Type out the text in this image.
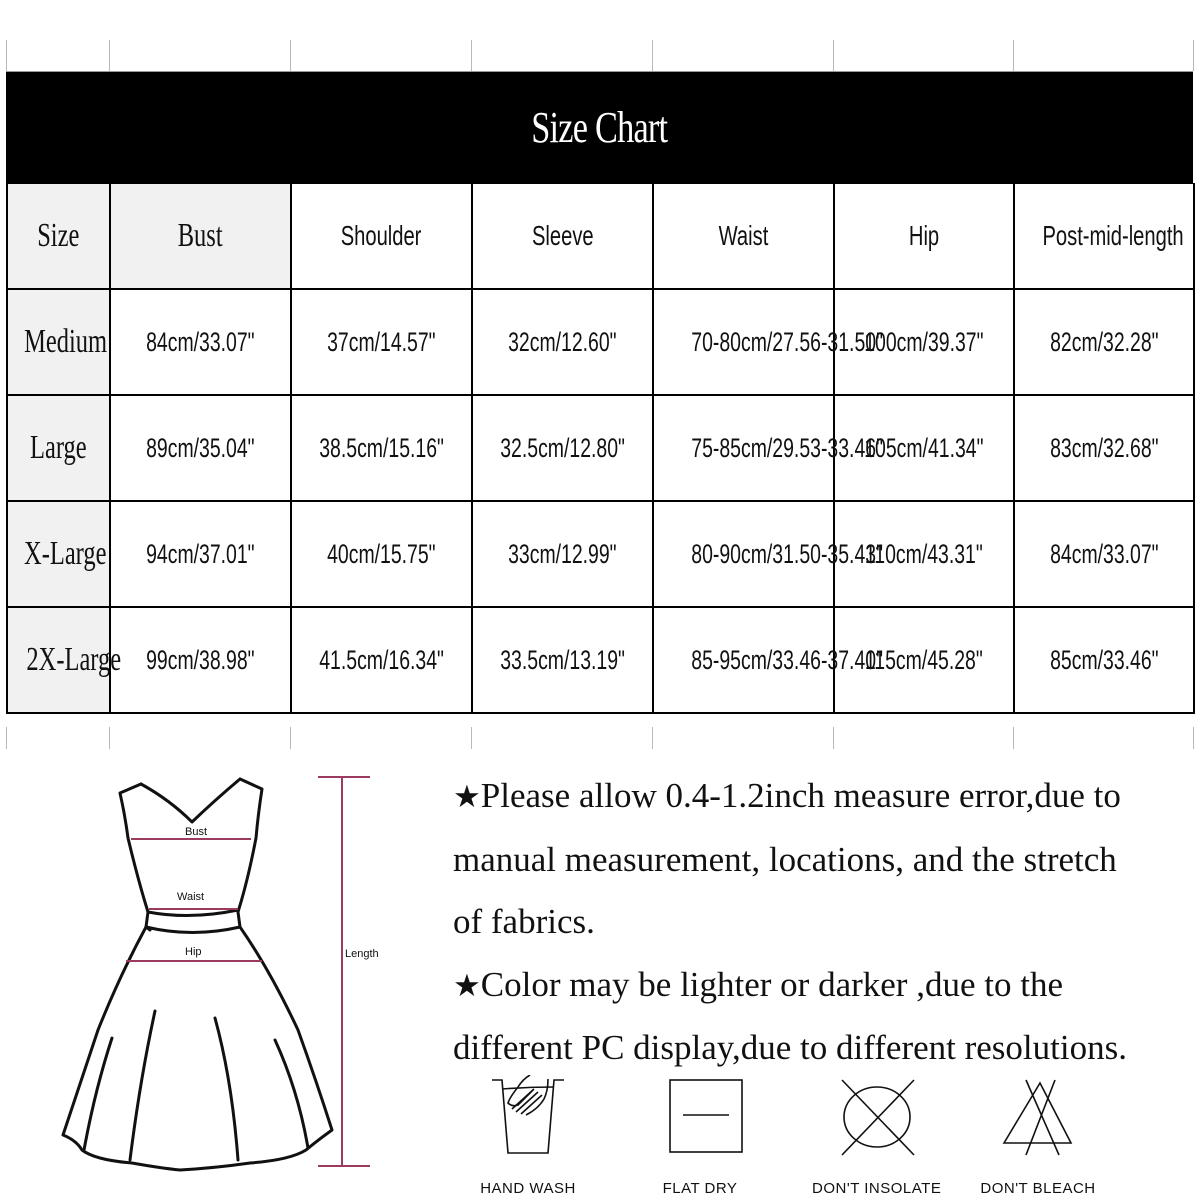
Size Chart
Size	Bust	Shoulder	Sleeve	Waist	Hip	Post-mid-length
Medium	84cm/33.07"	37cm/14.57"	32cm/12.60"	70-80cm/27.56-31.50"	100cm/39.37"	82cm/32.28"
Large	89cm/35.04"	38.5cm/15.16"	32.5cm/12.80"	75-85cm/29.53-33.46"	105cm/41.34"	83cm/32.68"
X-Large	94cm/37.01"	40cm/15.75"	33cm/12.99"	80-90cm/31.50-35.43"	110cm/43.31"	84cm/33.07"
2X-Large	99cm/38.98"	41.5cm/16.34"	33.5cm/13.19"	85-95cm/33.46-37.40"	115cm/45.28"	85cm/33.46"
Bust
Waist
Hip	Length

★Please allow 0.4-1.2inch measure error,due to

manual measurement, locations, and the stretch

of fabrics.

★Color may be lighter or darker ,due to the

different PC display,due to different resolutions.

HAND WASH	FLAT DRY	DON'T INSOLATE	DON'T BLEACH
